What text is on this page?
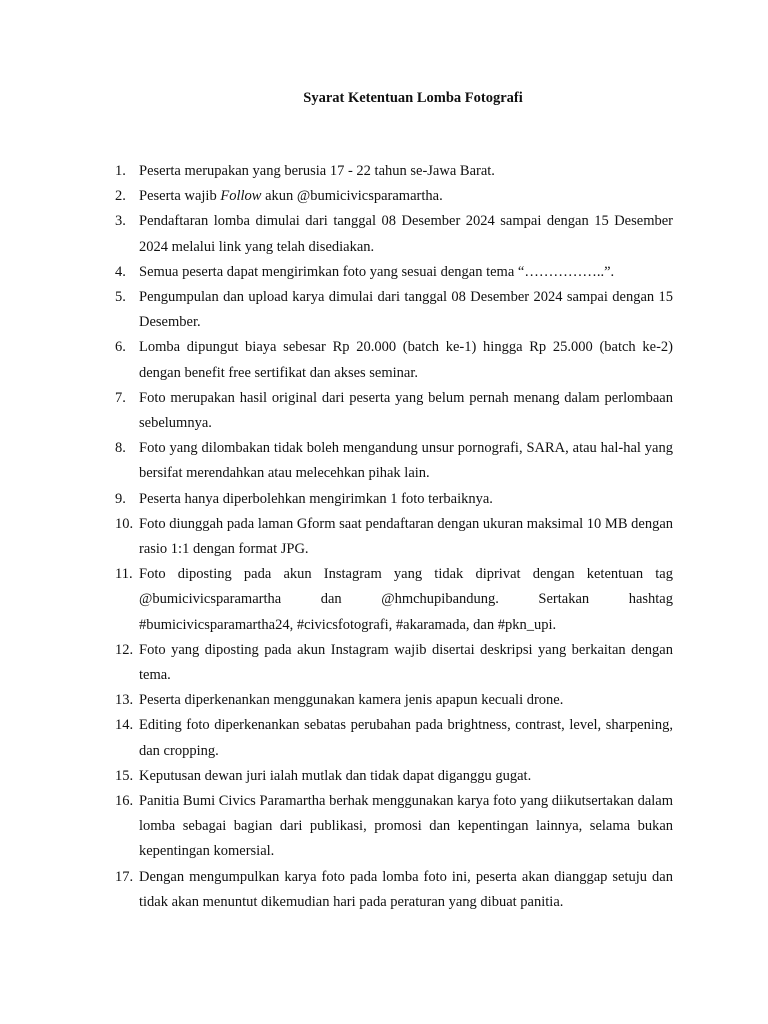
Syarat Ketentuan Lomba Fotografi
1. Peserta merupakan yang berusia 17 - 22 tahun se-Jawa Barat.
2. Peserta wajib Follow akun @bumicivicsparamartha.
3. Pendaftaran lomba dimulai dari tanggal 08 Desember 2024 sampai dengan 15 Desember 2024 melalui link yang telah disediakan.
4. Semua peserta dapat mengirimkan foto yang sesuai dengan tema “……………..”.
5. Pengumpulan dan upload karya dimulai dari tanggal 08 Desember 2024 sampai dengan 15 Desember.
6. Lomba dipungut biaya sebesar Rp 20.000 (batch ke-1) hingga Rp 25.000 (batch ke-2) dengan benefit free sertifikat dan akses seminar.
7. Foto merupakan hasil original dari peserta yang belum pernah menang dalam perlombaan sebelumnya.
8. Foto yang dilombakan tidak boleh mengandung unsur pornografi, SARA, atau hal-hal yang bersifat merendahkan atau melecehkan pihak lain.
9. Peserta hanya diperbolehkan mengirimkan 1 foto terbaiknya.
10. Foto diunggah pada laman Gform saat pendaftaran dengan ukuran maksimal 10 MB dengan rasio 1:1 dengan format JPG.
11. Foto diposting pada akun Instagram yang tidak diprivat dengan ketentuan tag @bumicivicsparamartha dan @hmchupibandung. Sertakan hashtag #bumicivicsparamartha24, #civicsfotografi, #akaramada, dan #pkn_upi.
12. Foto yang diposting pada akun Instagram wajib disertai deskripsi yang berkaitan dengan tema.
13. Peserta diperkenankan menggunakan kamera jenis apapun kecuali drone.
14. Editing foto diperkenankan sebatas perubahan pada brightness, contrast, level, sharpening, dan cropping.
15. Keputusan dewan juri ialah mutlak dan tidak dapat diganggu gugat.
16. Panitia Bumi Civics Paramartha berhak menggunakan karya foto yang diikutsertakan dalam lomba sebagai bagian dari publikasi, promosi dan kepentingan lainnya, selama bukan kepentingan komersial.
17. Dengan mengumpulkan karya foto pada lomba foto ini, peserta akan dianggap setuju dan tidak akan menuntut dikemudian hari pada peraturan yang dibuat panitia.
